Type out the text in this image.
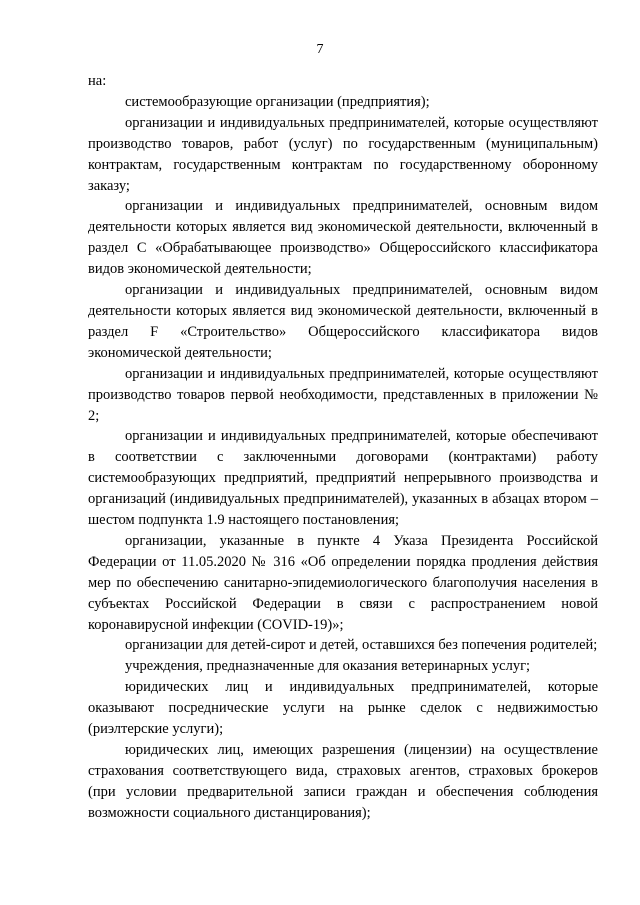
7

на:

системообразующие организации (предприятия);

организации и индивидуальных предпринимателей, которые осуществляют производство товаров, работ (услуг) по государственным (муниципальным) контрактам, государственным контрактам по государственному оборонному заказу;

организации и индивидуальных предпринимателей, основным видом деятельности которых является вид экономической деятельности, включенный в раздел С «Обрабатывающее производство» Общероссийского классификатора видов экономической деятельности;

организации и индивидуальных предпринимателей, основным видом деятельности которых является вид экономической деятельности, включенный в раздел F «Строительство» Общероссийского классификатора видов экономической деятельности;

организации и индивидуальных предпринимателей, которые осуществляют производство товаров первой необходимости, представленных в приложении № 2;

организации и индивидуальных предпринимателей, которые обеспечивают в соответствии с заключенными договорами (контрактами) работу системообразующих предприятий, предприятий непрерывного производства и организаций (индивидуальных предпринимателей), указанных в абзацах втором – шестом подпункта 1.9 настоящего постановления;

организации, указанные в пункте 4 Указа Президента Российской Федерации от 11.05.2020 № 316 «Об определении порядка продления действия мер по обеспечению санитарно-эпидемиологического благополучия населения в субъектах Российской Федерации в связи с распространением новой коронавирусной инфекции (COVID-19)»;

организации для детей-сирот и детей, оставшихся без попечения родителей;

учреждения, предназначенные для оказания ветеринарных услуг;

юридических лиц и индивидуальных предпринимателей, которые оказывают посреднические услуги на рынке сделок с недвижимостью (риэлтерские услуги);

юридических лиц, имеющих разрешения (лицензии) на осуществление страхования соответствующего вида, страховых агентов, страховых брокеров (при условии предварительной записи граждан и обеспечения соблюдения возможности социального дистанцирования);
